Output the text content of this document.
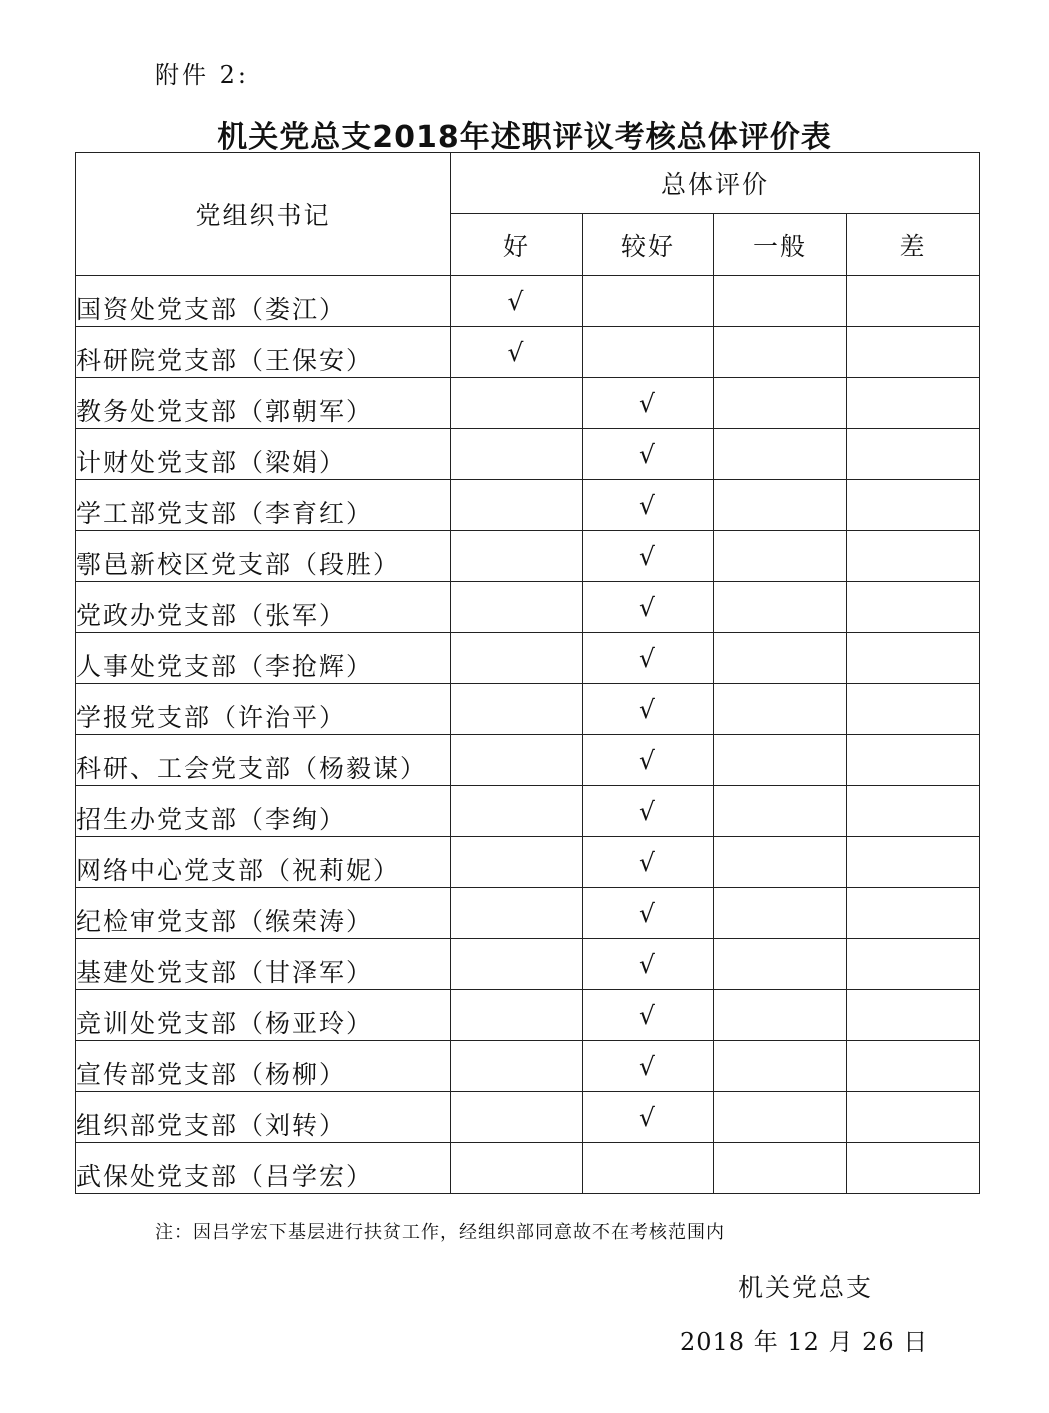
附件 2:
机关党总支2018年述职评议考核总体评价表
党组织书记	总体评价			
	好	较好	一般	差
国资处党支部（娄江）	√			
科研院党支部（王保安）	√			
教务处党支部（郭朝军）		√		
计财处党支部（梁娟）		√		
学工部党支部（李育红）		√		
鄠邑新校区党支部（段胜）		√		
党政办党支部（张军）		√		
人事处党支部（李抢辉）		√		
学报党支部（许治平）		√		
科研、工会党支部（杨毅谋）		√		
招生办党支部（李绚）		√		
网络中心党支部（祝莉妮）		√		
纪检审党支部（缑荣涛）		√		
基建处党支部（甘泽军）		√		
竞训处党支部（杨亚玲）		√		
宣传部党支部（杨柳）		√		
组织部党支部（刘转）		√		
武保处党支部（吕学宏）				
注：因吕学宏下基层进行扶贫工作，经组织部同意故不在考核范围内
机关党总支
2018 年 12 月 26 日
